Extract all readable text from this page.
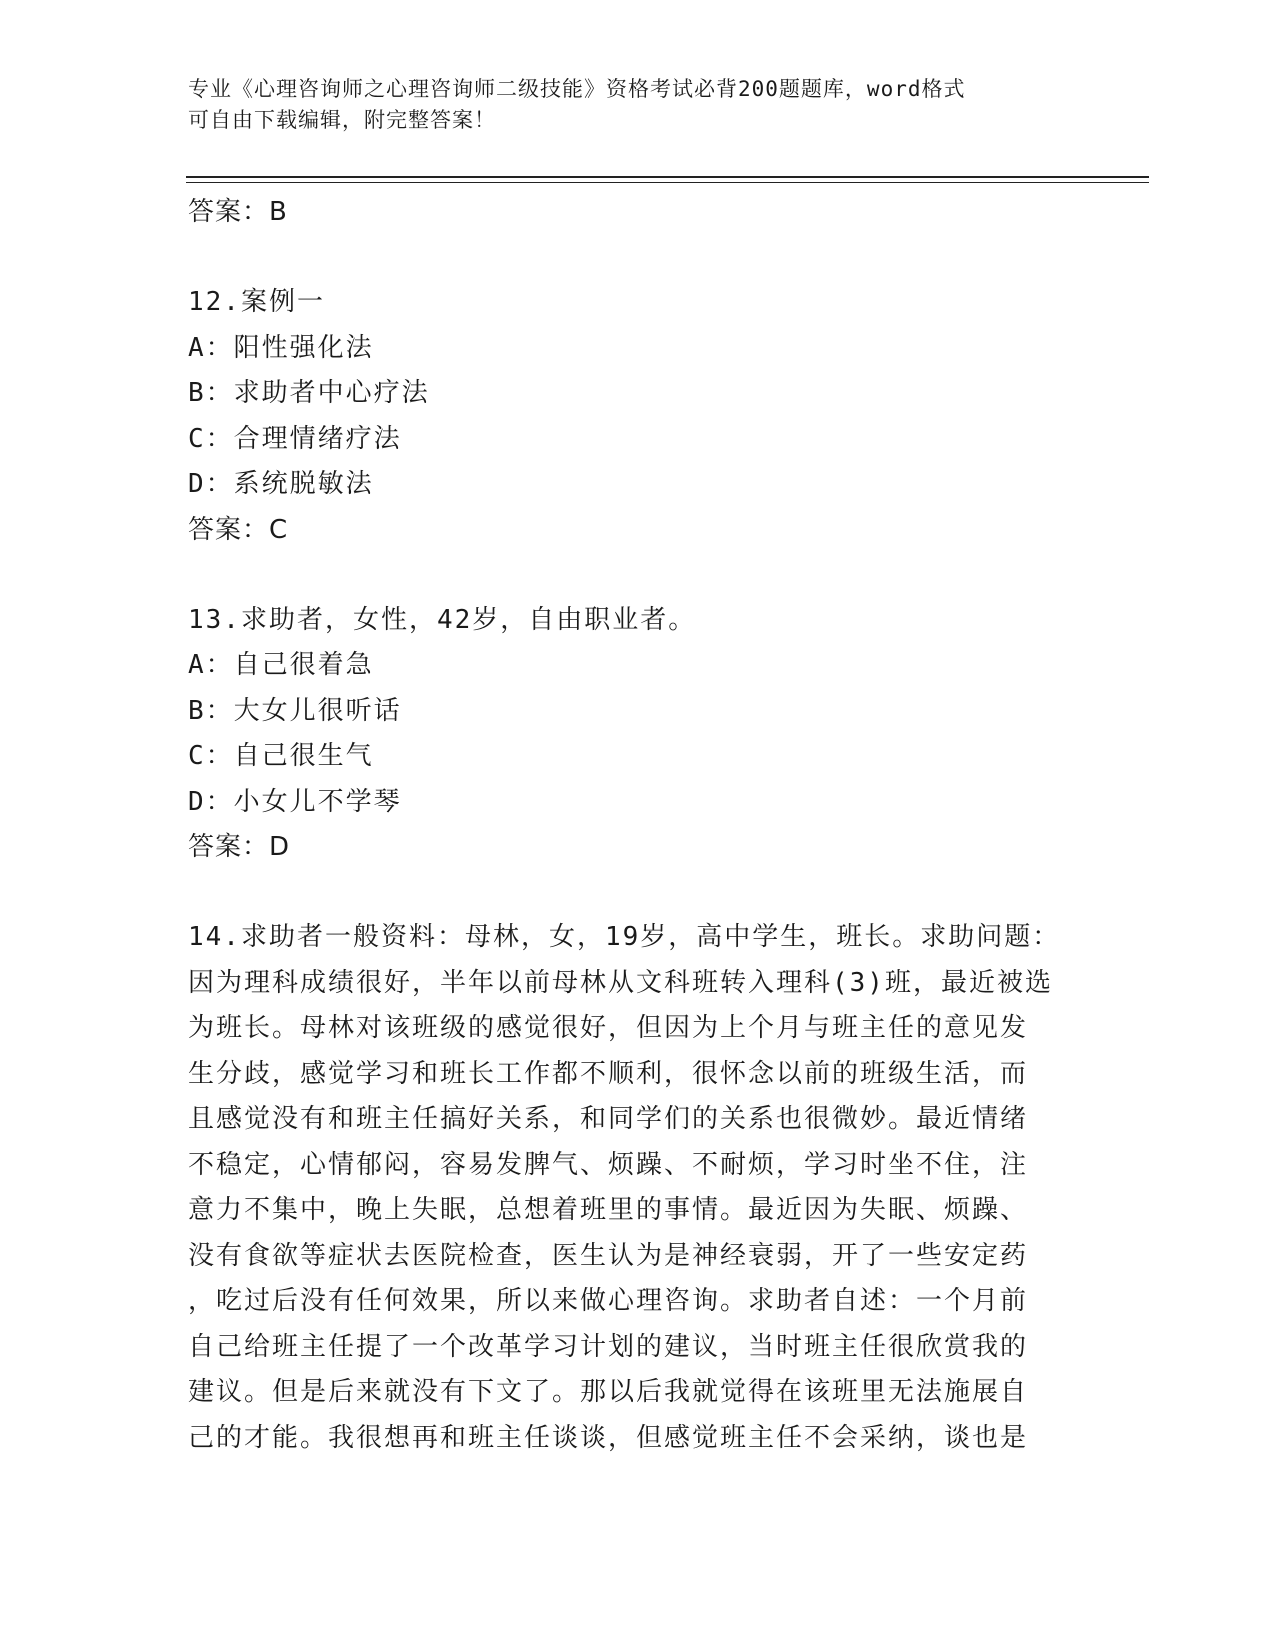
专业《心理咨询师之心理咨询师二级技能》资格考试必背200题题库，word格式
可自由下载编辑，附完整答案！
答案：B
12.案例一
A：阳性强化法
B：求助者中心疗法
C：合理情绪疗法
D：系统脱敏法
答案：C
13.求助者，女性，42岁，自由职业者。
A：自己很着急
B：大女儿很听话
C：自己很生气
D：小女儿不学琴
答案：D
14.求助者一般资料：母林，女，19岁，高中学生，班长。求助问题：
因为理科成绩很好，半年以前母林从文科班转入理科(3)班，最近被选
为班长。母林对该班级的感觉很好，但因为上个月与班主任的意见发
生分歧，感觉学习和班长工作都不顺利，很怀念以前的班级生活，而
且感觉没有和班主任搞好关系，和同学们的关系也很微妙。最近情绪
不稳定，心情郁闷，容易发脾气、烦躁、不耐烦，学习时坐不住，注
意力不集中，晚上失眠，总想着班里的事情。最近因为失眠、烦躁、
没有食欲等症状去医院检查，医生认为是神经衰弱，开了一些安定药
，吃过后没有任何效果，所以来做心理咨询。求助者自述：一个月前
自己给班主任提了一个改革学习计划的建议，当时班主任很欣赏我的
建议。但是后来就没有下文了。那以后我就觉得在该班里无法施展自
己的才能。我很想再和班主任谈谈，但感觉班主任不会采纳，谈也是
